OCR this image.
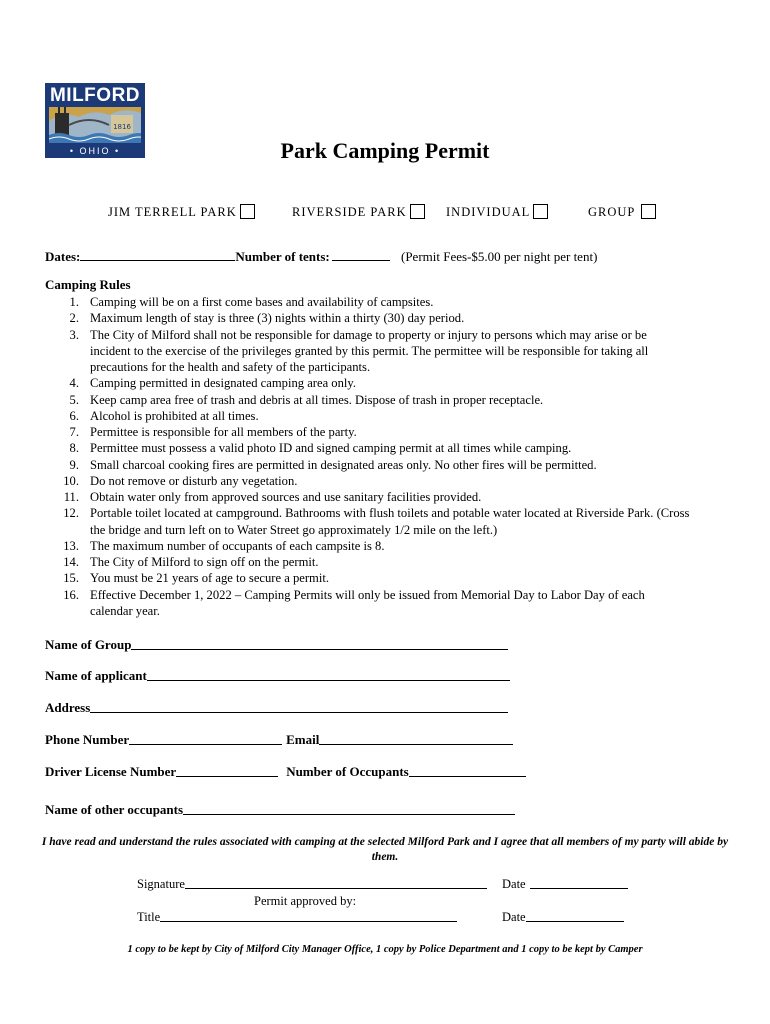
MILFORD
1816
• OHIO •	Park Camping Permit
JIM TERRELL PARK	RIVERSIDE PARK	INDIVIDUAL	GROUP
Dates:	Number of tents:	(Permit Fees-$5.00 per night per tent)
Camping Rules
1. Camping will be on a first come bases and availability of campsites.
2. Maximum length of stay is three (3) nights within a thirty (30) day period.
3. The City of Milford shall not be responsible for damage to property or injury to persons which may arise or be incident to the exercise of the privileges granted by this permit. The permittee will be responsible for taking all precautions for the health and safety of the participants.
4. Camping permitted in designated camping area only.
5. Keep camp area free of trash and debris at all times. Dispose of trash in proper receptacle.
6. Alcohol is prohibited at all times.
7. Permittee is responsible for all members of the party.
8. Permittee must possess a valid photo ID and signed camping permit at all times while camping.
9. Small charcoal cooking fires are permitted in designated areas only. No other fires will be permitted.
10. Do not remove or disturb any vegetation.
11. Obtain water only from approved sources and use sanitary facilities provided.
12. Portable toilet located at campground. Bathrooms with flush toilets and potable water located at Riverside Park. (Cross the bridge and turn left on to Water Street go approximately 1/2 mile on the left.)
13. The maximum number of occupants of each campsite is 8.
14. The City of Milford to sign off on the permit.
15. You must be 21 years of age to secure a permit.
16. Effective December 1, 2022 – Camping Permits will only be issued from Memorial Day to Labor Day of each calendar year.
Name of Group
Name of applicant
Address
Phone Number	Email
Driver License Number	Number of Occupants
Name of other occupants
I have read and understand the rules associated with camping at the selected Milford Park and I agree that all members of my party will abide by them.
Signature	Date
Permit approved by:
Title	Date
1 copy to be kept by City of Milford City Manager Office, 1 copy by Police Department and 1 copy to be kept by Camper
